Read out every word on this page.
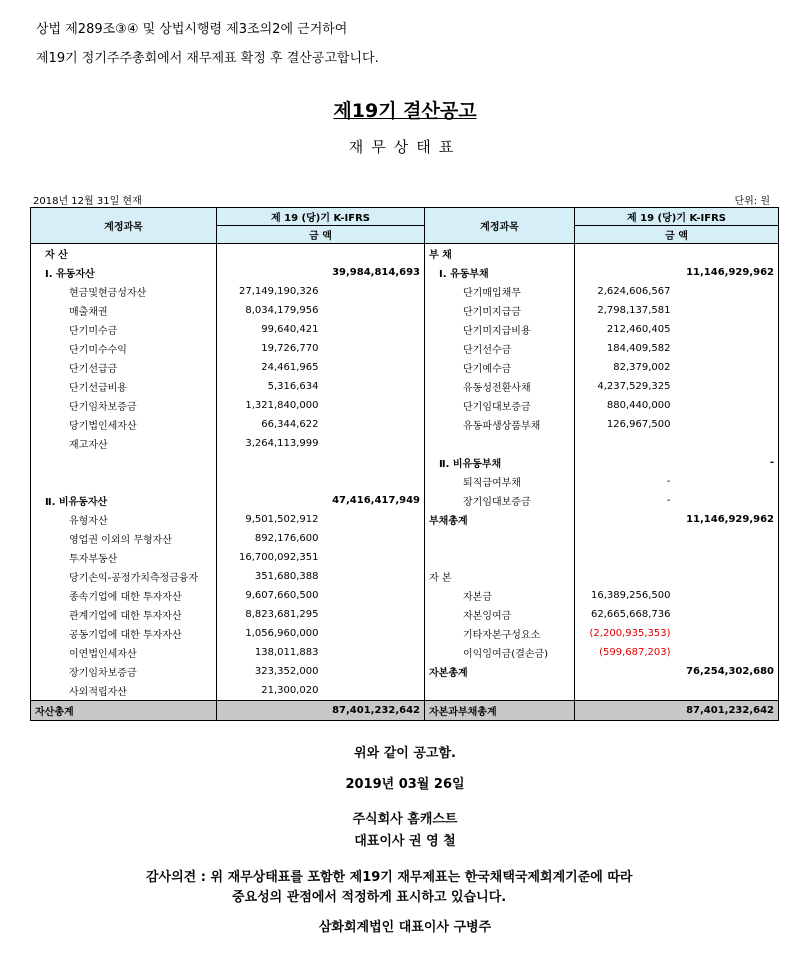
상법 제289조③④ 및 상법시행령 제3조의2에 근거하여
제19기 정기주주총회에서 재무제표 확정 후 결산공고합니다.
제19기 결산공고
재무상태표
2018년 12월 31일 현재	단위: 원
계정과목	제 19 (당)기 K-IFRS		계정과목	제 19 (당)기 K-IFRS	
	금 액			금 액	
자 산			부 채		
Ⅰ. 유동자산		39,984,814,693	Ⅰ. 유동부채		11,146,929,962
현금및현금성자산	27,149,190,326		단기매입채무	2,624,606,567	
매출채권	8,034,179,956		단기미지급금	2,798,137,581	
단기미수금	99,640,421		단기미지급비용	212,460,405	
단기미수수익	19,726,770		단기선수금	184,409,582	
단기선급금	24,461,965		단기예수금	82,379,002	
단기선급비용	5,316,634		유동성전환사채	4,237,529,325	
단기임차보증금	1,321,840,000		단기임대보증금	880,440,000	
당기법인세자산	66,344,622		유동파생상품부채	126,967,500	
재고자산	3,264,113,999				
			Ⅱ. 비유동부채		-
			퇴직급여부채	-	
Ⅱ. 비유동자산		47,416,417,949	장기임대보증금	-	
유형자산	9,501,502,912		부채총계		11,146,929,962
영업권 이외의 무형자산	892,176,600				
투자부동산	16,700,092,351				
당기손익-공정가치측정금융자	351,680,388		자 본		
종속기업에 대한 투자자산	9,607,660,500		자본금	16,389,256,500	
관계기업에 대한 투자자산	8,823,681,295		자본잉여금	62,665,668,736	
공동기업에 대한 투자자산	1,056,960,000		기타자본구성요소	(2,200,935,353)	
이연법인세자산	138,011,883		이익잉여금(결손금)	(599,687,203)	
장기임차보증금	323,352,000		자본총계		76,254,302,680
사외적립자산	21,300,020				
자산총계		87,401,232,642	자본과부채총계		87,401,232,642
위와 같이 공고함.
2019년 03월 26일
주식회사 홈캐스트
대표이사 권 영 철
감사의견 : 위 재무상태표를 포함한 제19기 재무제표는 한국채택국제회계기준에 따라
중요성의 관점에서 적정하게 표시하고 있습니다.
삼화회계법인 대표이사 구병주
